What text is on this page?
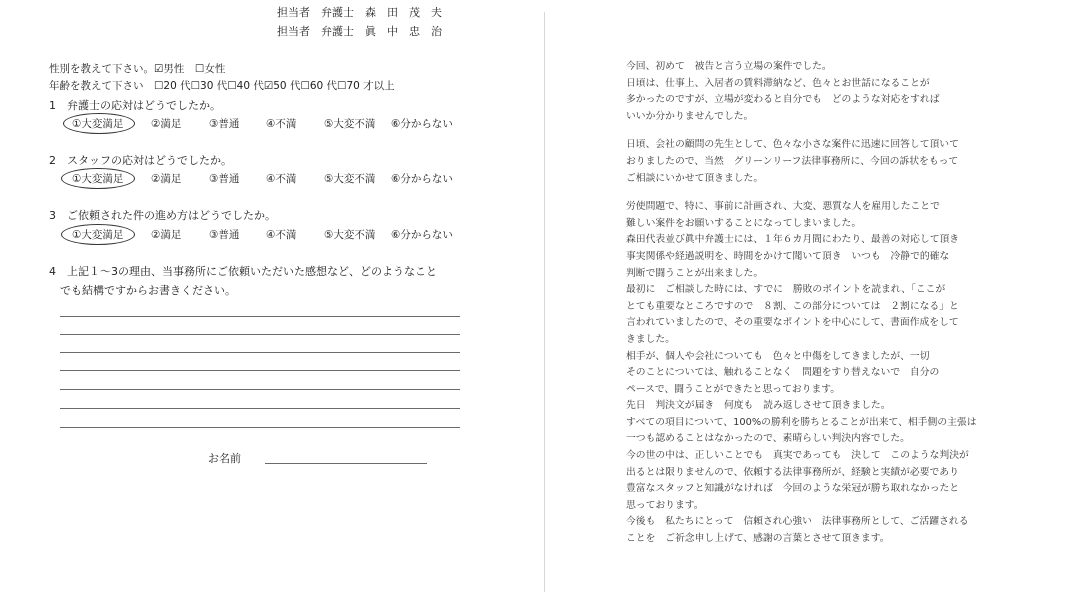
担当者　弁護士　森　田　茂　夫
担当者　弁護士　眞　中　忠　治
性別を教えて下さい。☑男性　☐女性
年齢を教えて下さい　☐20 代☐30 代☐40 代☑50 代☐60 代☐70 才以上
1　弁護士の応対はどうでしたか。
①大変満足	②満足	③普通	④不満	⑤大変不満 ⑥分からない
2　スタッフの応対はどうでしたか。
①大変満足	②満足	③普通	④不満	⑤大変不満 ⑥分からない
3　ご依頼された件の進め方はどうでしたか。
①大変満足	②満足	③普通	④不満	⑤大変不満 ⑥分からない
4　上記１～3の理由、当事務所にご依頼いただいた感想など、どのようなこと
　でも結構ですからお書きください。
お名前
今回、初めて　被告と言う立場の案件でした。
日頃は、仕事上、入居者の賃料滞納など、色々とお世話になることが
多かったのですが、立場が変わると自分でも　どのような対応をすれば
いいか分かりませんでした。

日頃、会社の顧問の先生として、色々な小さな案件に迅速に回答して頂いて
おりましたので、当然　グリーンリーフ法律事務所に、今回の訴状をもって
ご相談にいかせて頂きました。

労使問題で、特に、事前に計画され、大変、悪質な人を雇用したことで
難しい案件をお願いすることになってしまいました。
森田代表並び眞中弁護士には、１年６カ月間にわたり、最善の対応して頂き
事実関係や経過説明を、時間をかけて聞いて頂き　いつも　冷静で的確な
判断で闘うことが出来ました。
最初に　ご相談した時には、すでに　勝敗のポイントを読まれ、「ここが
とても重要なところですので　８割、この部分については　２割になる」と
言われていましたので、その重要なポイントを中心にして、書面作成をして
きました。
相手が、個人や会社についても　色々と中傷をしてきましたが、一切
そのことについては、触れることなく　問題をすり替えないで　自分の
ペースで、闘うことができたと思っております。
先日　判決文が届き　何度も　読み返しさせて頂きました。
すべての項目について、100%の勝利を勝ちとることが出来て、相手側の主張は
一つも認めることはなかったので、素晴らしい判決内容でした。
今の世の中は、正しいことでも　真実であっても　決して　このような判決が
出るとは限りませんので、依頼する法律事務所が、経験と実績が必要であり
豊富なスタッフと知識がなければ　今回のような栄冠が勝ち取れなかったと
思っております。
今後も　私たちにとって　信頼され心強い　法律事務所として、ご活躍される
ことを　ご祈念申し上げて、感謝の言葉とさせて頂きます。
